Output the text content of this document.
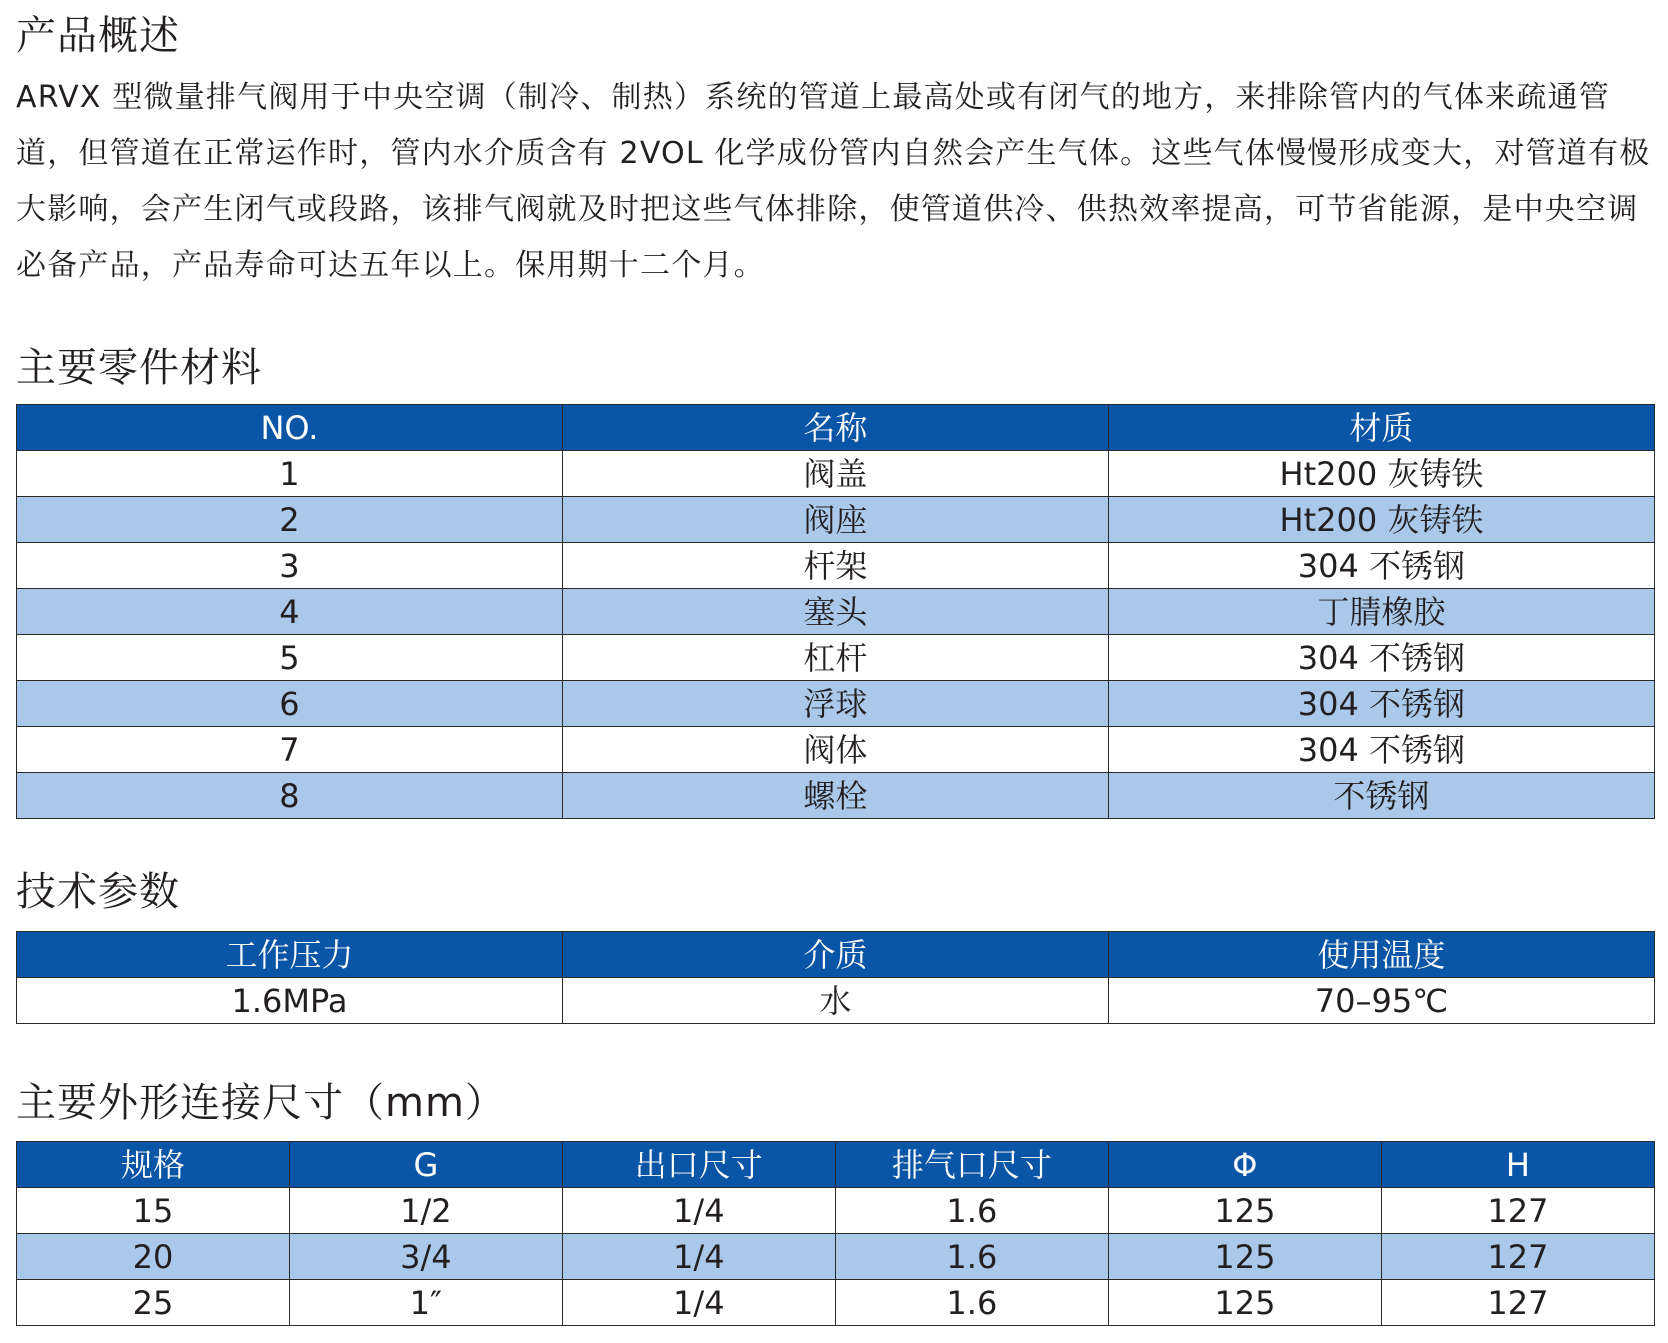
产品概述

ARVX 型微量排气阀用于中央空调（制冷、制热）系统的管道上最高处或有闭气的地方，来排除管内的气体来疏通管道，但管道在正常运作时，管内水介质含有 2VOL 化学成份管内自然会产生气体。这些气体慢慢形成变大，对管道有极大影响，会产生闭气或段路，该排气阀就及时把这些气体排除，使管道供冷、供热效率提高，可节省能源，是中央空调必备产品，产品寿命可达五年以上。保用期十二个月。

主要零件材料
NO.	名称	材质
1	阀盖	Ht200 灰铸铁
2	阀座	Ht200 灰铸铁
3	杆架	304 不锈钢
4	塞头	丁腈橡胶
5	杠杆	304 不锈钢
6	浮球	304 不锈钢
7	阀体	304 不锈钢
8	螺栓	不锈钢
技术参数
工作压力	介质	使用温度
1.6MPa	水	70–95℃
主要外形连接尺寸（mm）
规格	G	出口尺寸	排气口尺寸	Φ	H
15	1/2	1/4	1.6	125	127
20	3/4	1/4	1.6	125	127
25	1″	1/4	1.6	125	127
